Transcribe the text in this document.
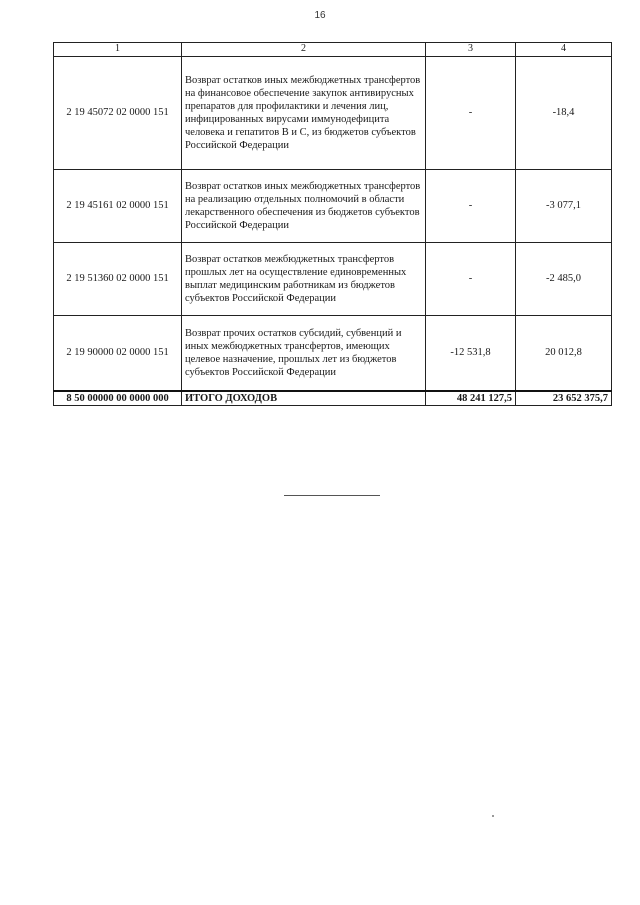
16
1	2	3	4
2 19 45072 02 0000 151	Возврат остатков иных межбюджетных трансфертов на финансовое обеспечение закупок антивирусных препаратов для профилактики и лечения лиц, инфицированных вирусами иммунодефицита человека и гепатитов В и С, из бюджетов субъектов Российской Федерации	-	-18,4
2 19 45161 02 0000 151	Возврат остатков иных межбюджетных трансфертов на реализацию отдельных полномочий в области лекарственного обеспечения из бюджетов субъектов Российской Федерации	-	-3 077,1
2 19 51360 02 0000 151	Возврат остатков межбюджетных трансфертов прошлых лет на осуществление единовременных выплат медицинским работникам из бюджетов субъектов Российской Федерации	-	-2 485,0
2 19 90000 02 0000 151	Возврат прочих остатков субсидий, субвенций и иных межбюджетных трансфертов, имеющих целевое назначение, прошлых лет из бюджетов субъектов Российской Федерации	-12 531,8	20 012,8
8 50 00000 00 0000 000	ИТОГО ДОХОДОВ	48 241 127,5	23 652 375,7
